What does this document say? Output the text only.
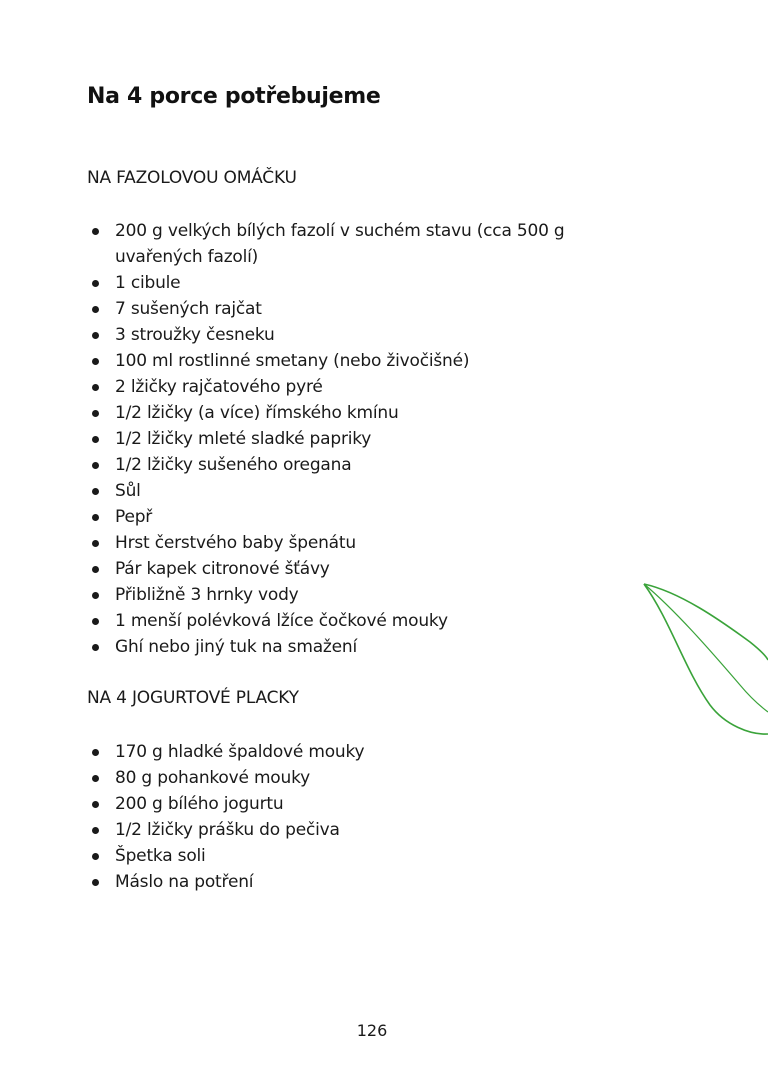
Na 4 porce potřebujeme

NA FAZOLOVOU OMÁČKU

200 g velkých bílých fazolí v suchém stavu (cca 500 g uvařených fazolí)
1 cibule
7 sušených rajčat
3 stroužky česneku
100 ml rostlinné smetany (nebo živočišné)
2 lžičky rajčatového pyré
1/2 lžičky (a více) římského kmínu
1/2 lžičky mleté sladké papriky
1/2 lžičky sušeného oregana
Sůl
Pepř
Hrst čerstvého baby špenátu
Pár kapek citronové šťávy
Přibližně 3 hrnky vody
1 menší polévková lžíce čočkové mouky
Ghí nebo jiný tuk na smažení

NA 4 JOGURTOVÉ PLACKY

170 g hladké špaldové mouky
80 g pohankové mouky
200 g bílého jogurtu
1/2 lžičky prášku do pečiva
Špetka soli
Máslo na potření
126
